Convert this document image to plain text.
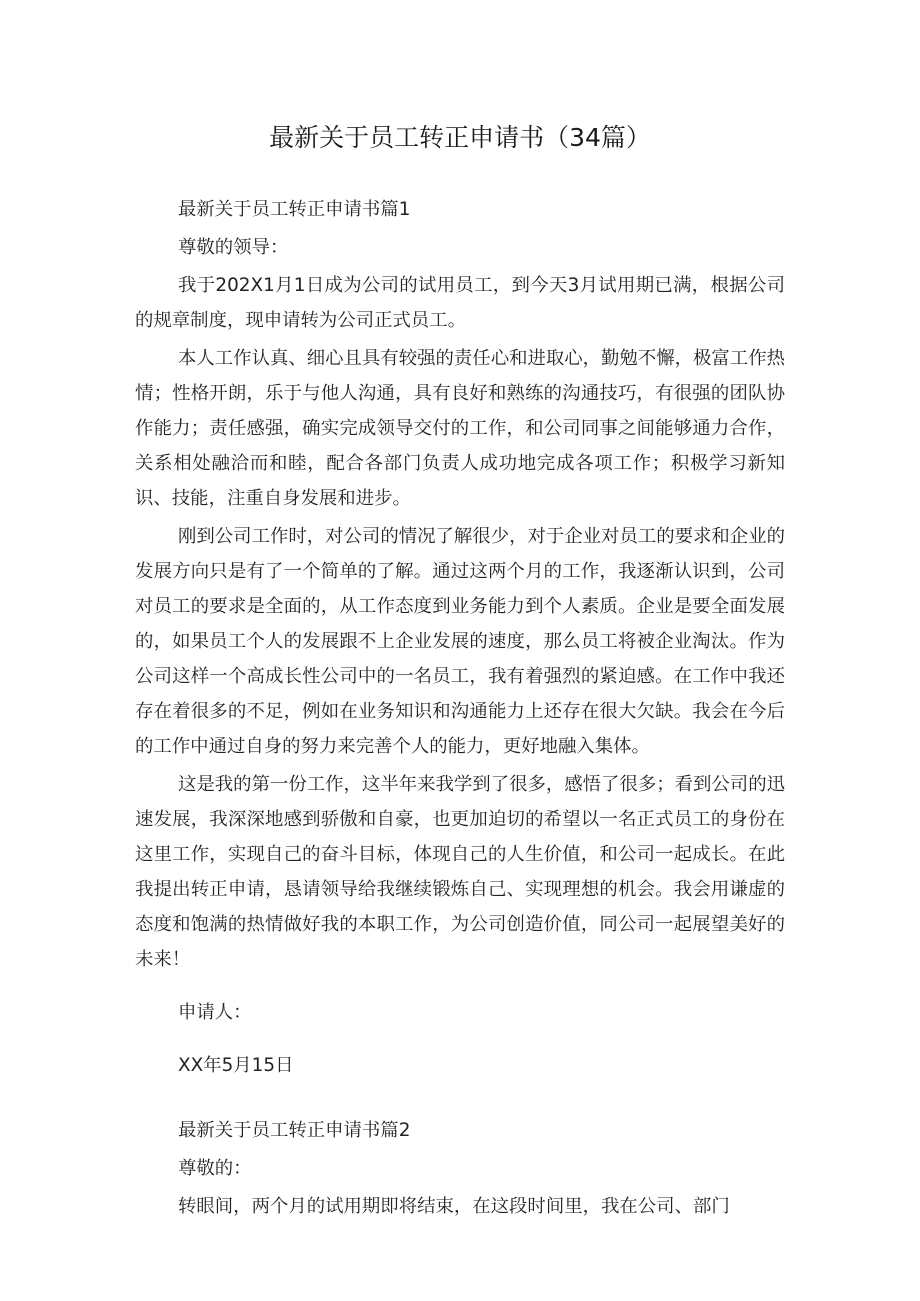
最新关于员工转正申请书（34篇）

最新关于员工转正申请书篇1

尊敬的领导：

我于202X1月1日成为公司的试用员工，到今天3月试用期已满，根据公司的规章制度，现申请转为公司正式员工。

本人工作认真、细心且具有较强的责任心和进取心，勤勉不懈，极富工作热情；性格开朗，乐于与他人沟通，具有良好和熟练的沟通技巧，有很强的团队协作能力；责任感强，确实完成领导交付的工作，和公司同事之间能够通力合作，关系相处融洽而和睦，配合各部门负责人成功地完成各项工作；积极学习新知识、技能，注重自身发展和进步。

刚到公司工作时，对公司的情况了解很少，对于企业对员工的要求和企业的发展方向只是有了一个简单的了解。通过这两个月的工作，我逐渐认识到，公司对员工的要求是全面的，从工作态度到业务能力到个人素质。企业是要全面发展的，如果员工个人的发展跟不上企业发展的速度，那么员工将被企业淘汰。作为公司这样一个高成长性公司中的一名员工，我有着强烈的紧迫感。在工作中我还存在着很多的不足，例如在业务知识和沟通能力上还存在很大欠缺。我会在今后的工作中通过自身的努力来完善个人的能力，更好地融入集体。

这是我的第一份工作，这半年来我学到了很多，感悟了很多；看到公司的迅速发展，我深深地感到骄傲和自豪，也更加迫切的希望以一名正式员工的身份在这里工作，实现自己的奋斗目标，体现自己的人生价值，和公司一起成长。在此我提出转正申请，恳请领导给我继续锻炼自己、实现理想的机会。我会用谦虚的态度和饱满的热情做好我的本职工作，为公司创造价值，同公司一起展望美好的未来！

申请人：

XX年5月15日

最新关于员工转正申请书篇2

尊敬的：

转眼间，两个月的试用期即将结束，在这段时间里，我在公司、部门
